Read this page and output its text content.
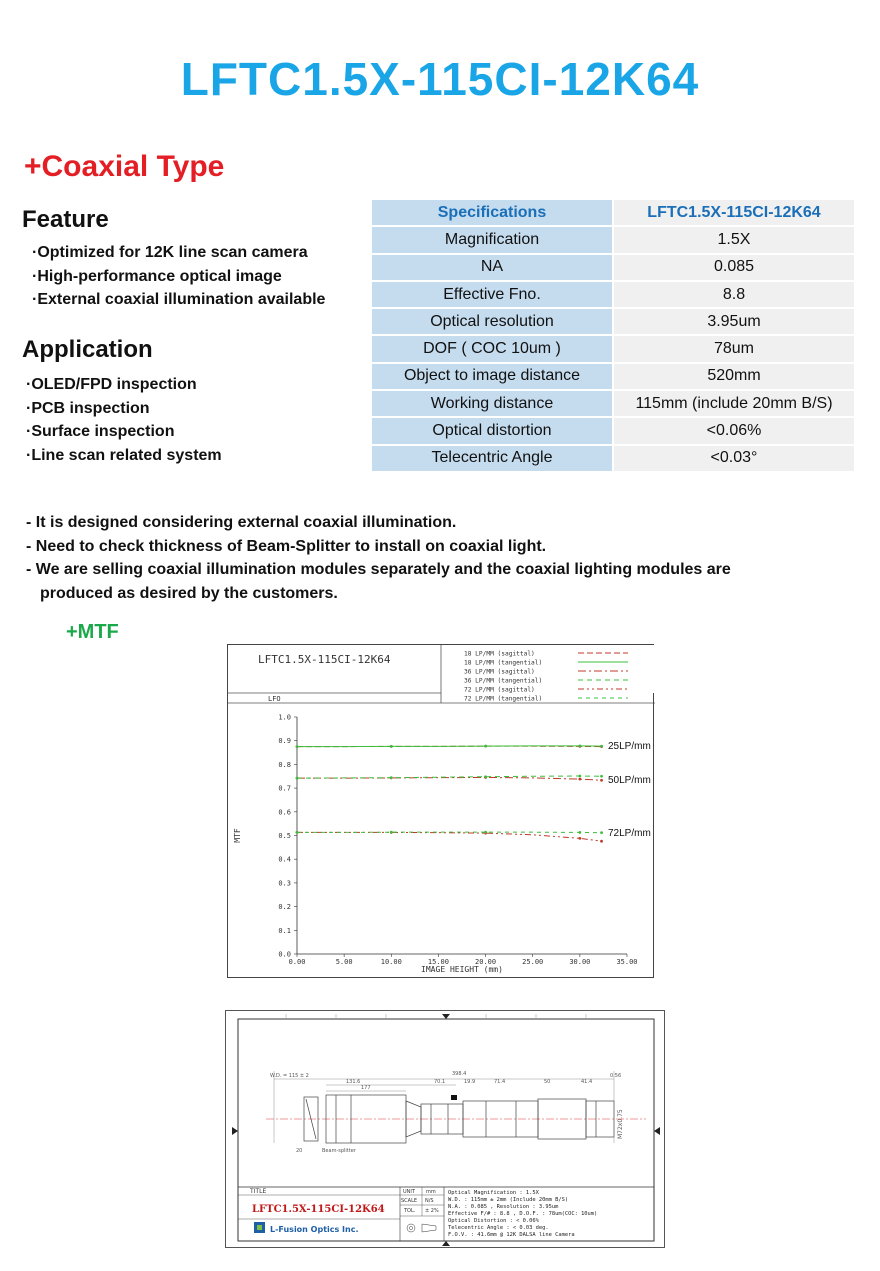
LFTC1.5X-115CI-12K64
+Coaxial Type
Feature
·Optimized for 12K line scan camera
·High-performance optical image
·External coaxial illumination available
Application
·OLED/FPD inspection
·PCB inspection
·Surface inspection
·Line scan related system
Specifications	LFTC1.5X-115CI-12K64
Magnification	1.5X
NA	0.085
Effective Fno.	8.8
Optical resolution	3.95um
DOF ( COC 10um )	78um
Object to image distance	520mm
Working distance	115mm (include 20mm B/S)
Optical distortion	<0.06%
Telecentric Angle	<0.03°

- It is designed considering external coaxial illumination.

- Need to check thickness of Beam-Splitter to install on coaxial light.

- We are selling coaxial illumination modules separately and the coaxial lighting modules are

produced as desired by the customers.

+MTF
LFTC1.5X-115CI-12K64
LFO
18 LP/MM (sagittal)
18 LP/MM (tangential)
36 LP/MM (sagittal)
36 LP/MM (tangential)
72 LP/MM (sagittal)
72 LP/MM (tangential)
0.00	5.00	10.00	15.00	20.00	25.00	30.00	35.00
0.0
0.1
0.2
0.3
0.4
0.5
0.6
0.7
0.8
0.9
1.0
MTF
IMAGE HEIGHT (mm)
25LP/mm
50LP/mm
72LP/mm
W.D. = 115 ± 2	398.4
131.6
177
70.1	19.9	71.4	50	41.4
0.56
20	Beam-splitter
M72x0.75
TITLE
LFTC1.5X-115CI-12K64
L-Fusion Optics Inc.
UNIT mm
SCALE N/S
TOL. ± 2%
Optical Magnification : 1.5X
W.D. : 115mm ± 2mm (Include 20mm B/S)
N.A. : 0.085 , Resolution : 3.95um
Effective F/# : 8.8 , D.O.F. : 78um(COC: 10um)
Optical Distortion : < 0.06%
Telecentric Angle : < 0.03 deg.
F.O.V. : 41.6mm @ 12K DALSA line Camera
